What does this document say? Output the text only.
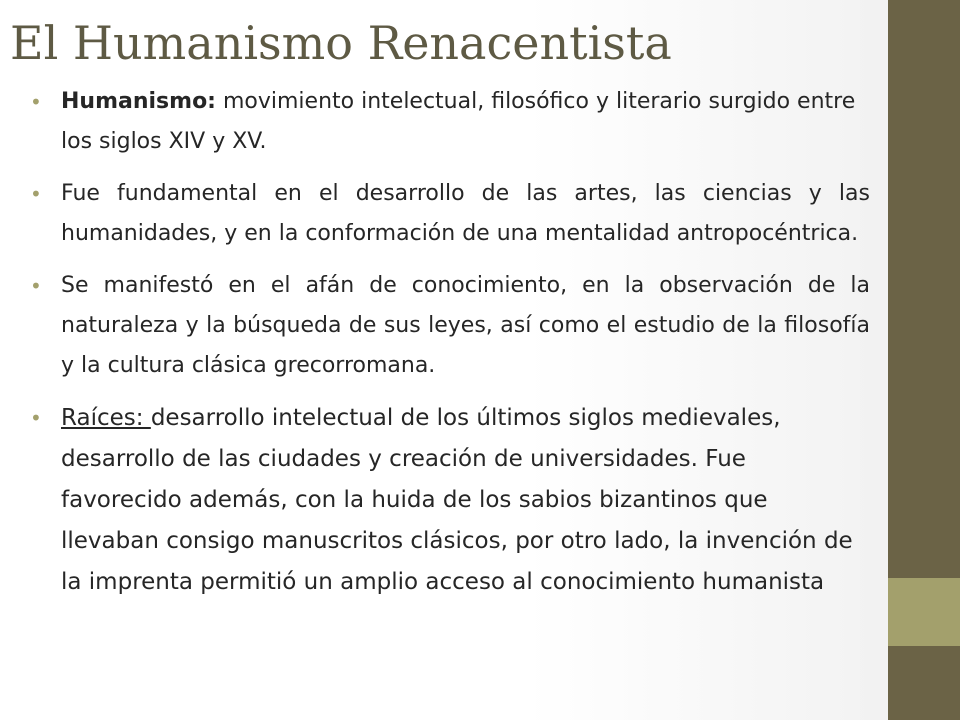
El Humanismo Renacentista
• Humanismo: movimiento intelectual, filosófico y literario surgido entre los siglos XIV y XV.
• Fue fundamental en el desarrollo de las artes, las ciencias y las humanidades, y en la conformación de una mentalidad antropocéntrica.
• Se manifestó en el afán de conocimiento, en la observación de la naturaleza y la búsqueda de sus leyes, así como el estudio de la filosofía y la cultura clásica grecorromana.
• Raíces: desarrollo intelectual de los últimos siglos medievales, desarrollo de las ciudades y creación de universidades. Fue favorecido además, con la huida de los sabios bizantinos que llevaban consigo manuscritos clásicos, por otro lado, la invención de la imprenta permitió un amplio acceso al conocimiento humanista
